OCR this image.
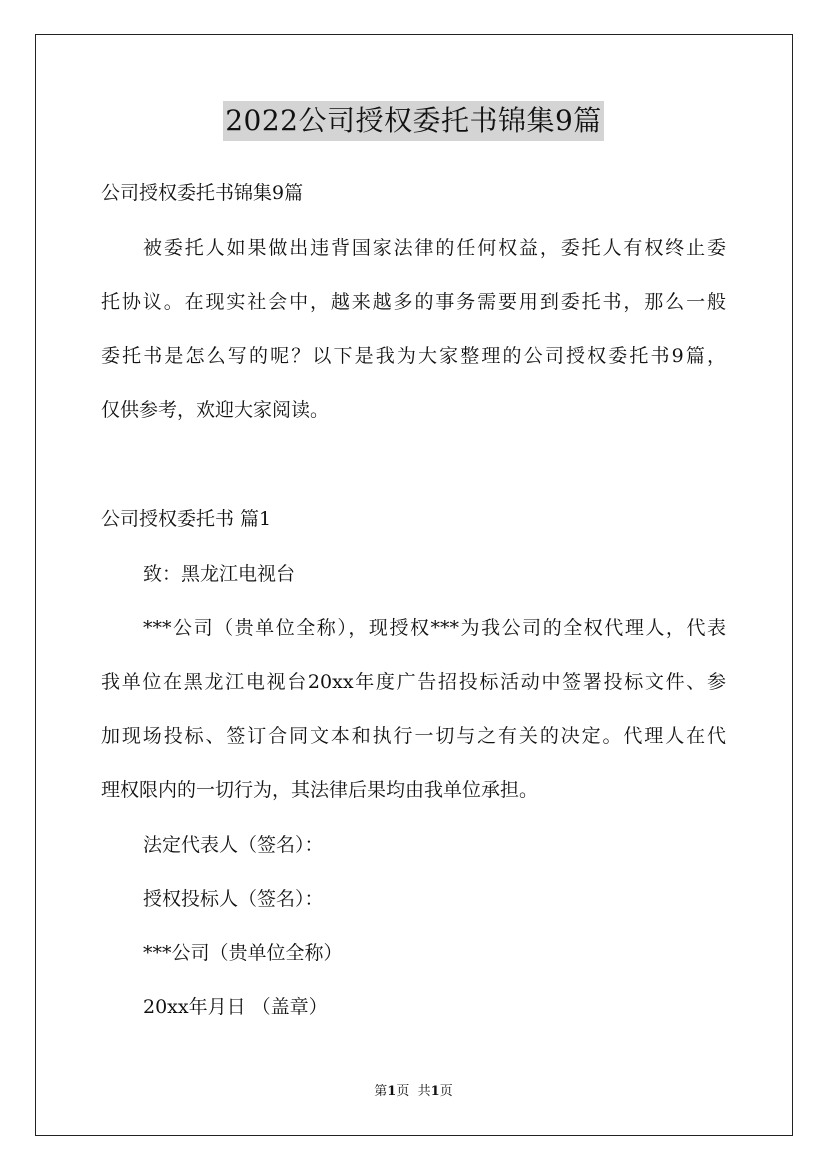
2022公司授权委托书锦集9篇
公司授权委托书锦集9篇
被委托人如果做出违背国家法律的任何权益，委托人有权终止委
托协议。在现实社会中，越来越多的事务需要用到委托书，那么一般
委托书是怎么写的呢？以下是我为大家整理的公司授权委托书9篇，
仅供参考，欢迎大家阅读。
公司授权委托书 篇1
致：黑龙江电视台
***公司（贵单位全称），现授权***为我公司的全权代理人，代表
我单位在黑龙江电视台20xx年度广告招投标活动中签署投标文件、参
加现场投标、签订合同文本和执行一切与之有关的决定。代理人在代
理权限内的一切行为，其法律后果均由我单位承担。
法定代表人（签名）：
授权投标人（签名）：
***公司（贵单位全称）
20xx年月日 （盖章）
第1页 共1页
